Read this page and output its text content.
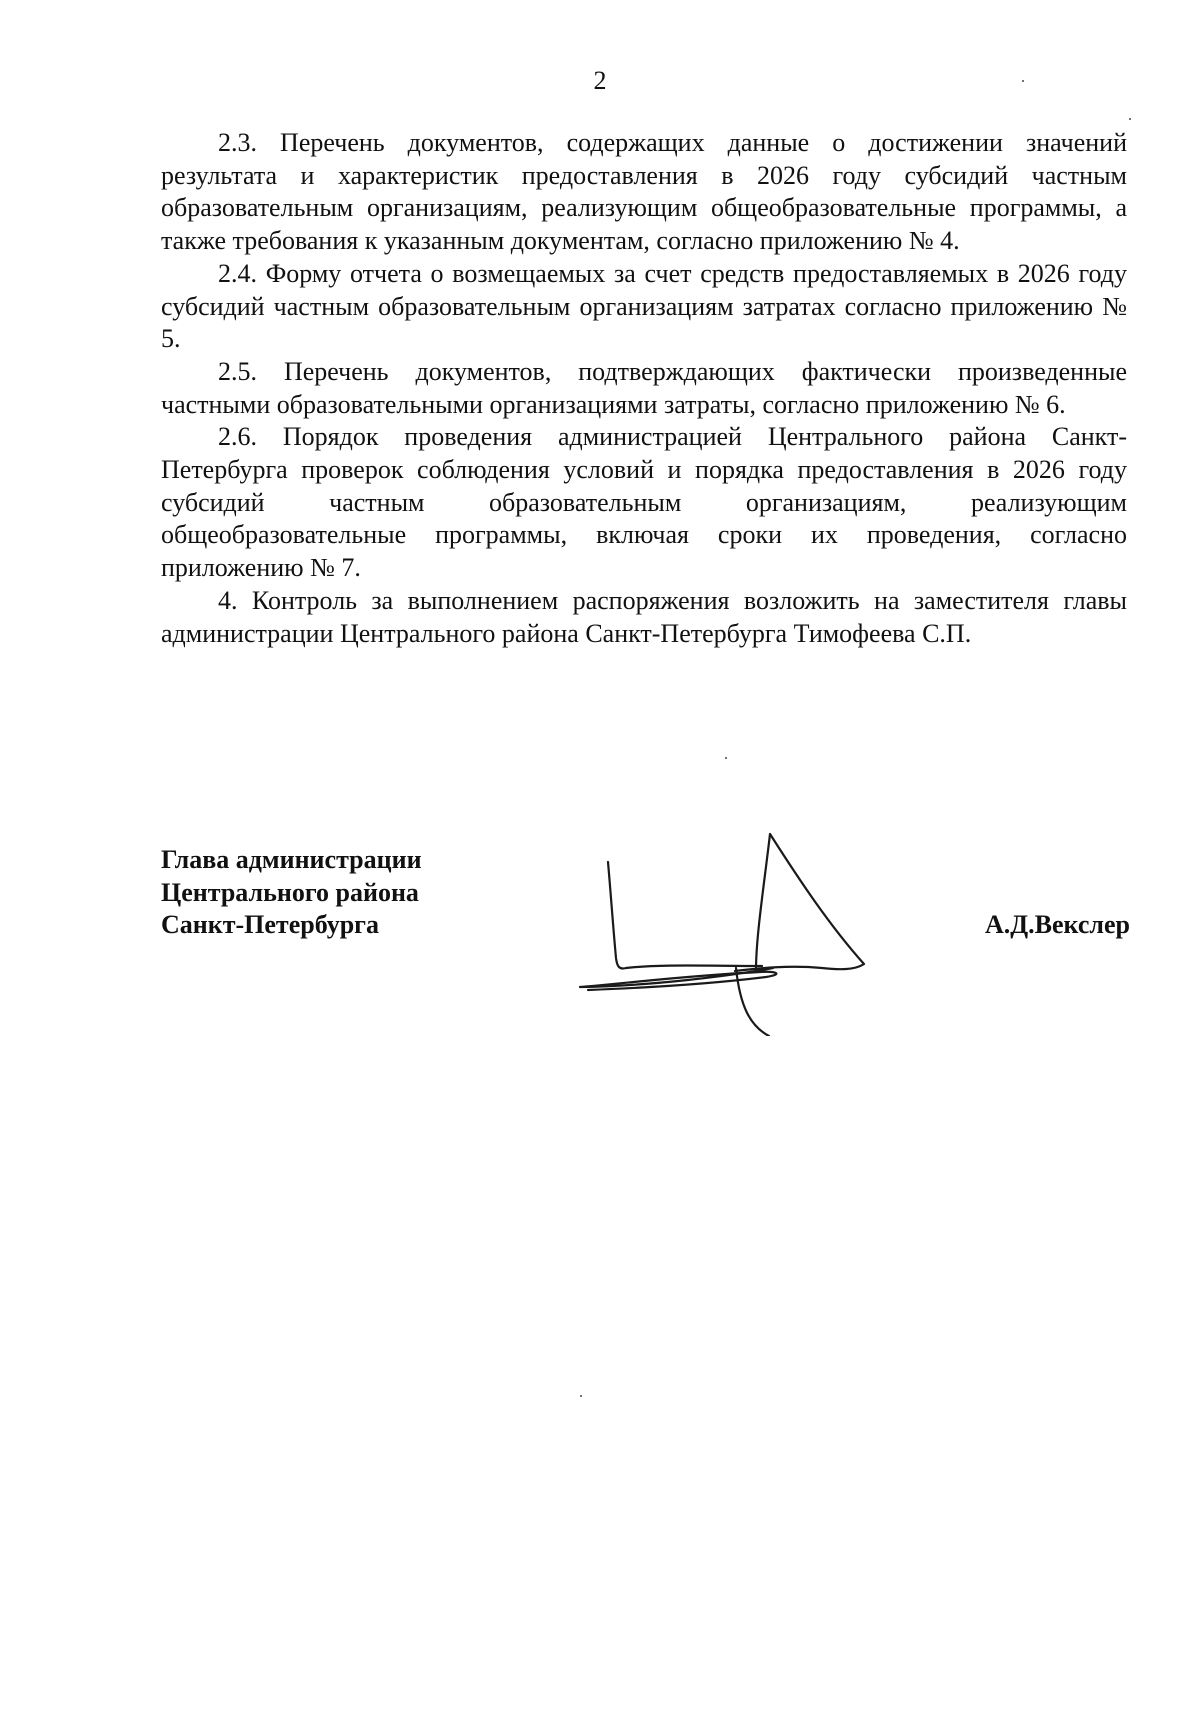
2

2.3. Перечень документов, содержащих данные о достижении значений результата и характеристик предоставления в 2026 году субсидий частным образовательным организациям, реализующим общеобразовательные программы, а также требования к указанным документам, согласно приложению № 4.

2.4. Форму отчета о возмещаемых за счет средств предоставляемых в 2026 году субсидий частным образовательным организациям затратах согласно приложению № 5.

2.5. Перечень документов, подтверждающих фактически произведенные частными образовательными организациями затраты, согласно приложению № 6.

2.6. Порядок проведения администрацией Центрального района Санкт-Петербурга проверок соблюдения условий и порядка предоставления в 2026 году субсидий частным образовательным организациям, реализующим общеобразовательные программы, включая сроки их проведения, согласно приложению № 7.

4. Контроль за выполнением распоряжения возложить на заместителя главы администрации Центрального района Санкт-Петербурга Тимофеева С.П.

Глава администрации
Центрального района
Санкт-Петербурга	А.Д.Векслер
